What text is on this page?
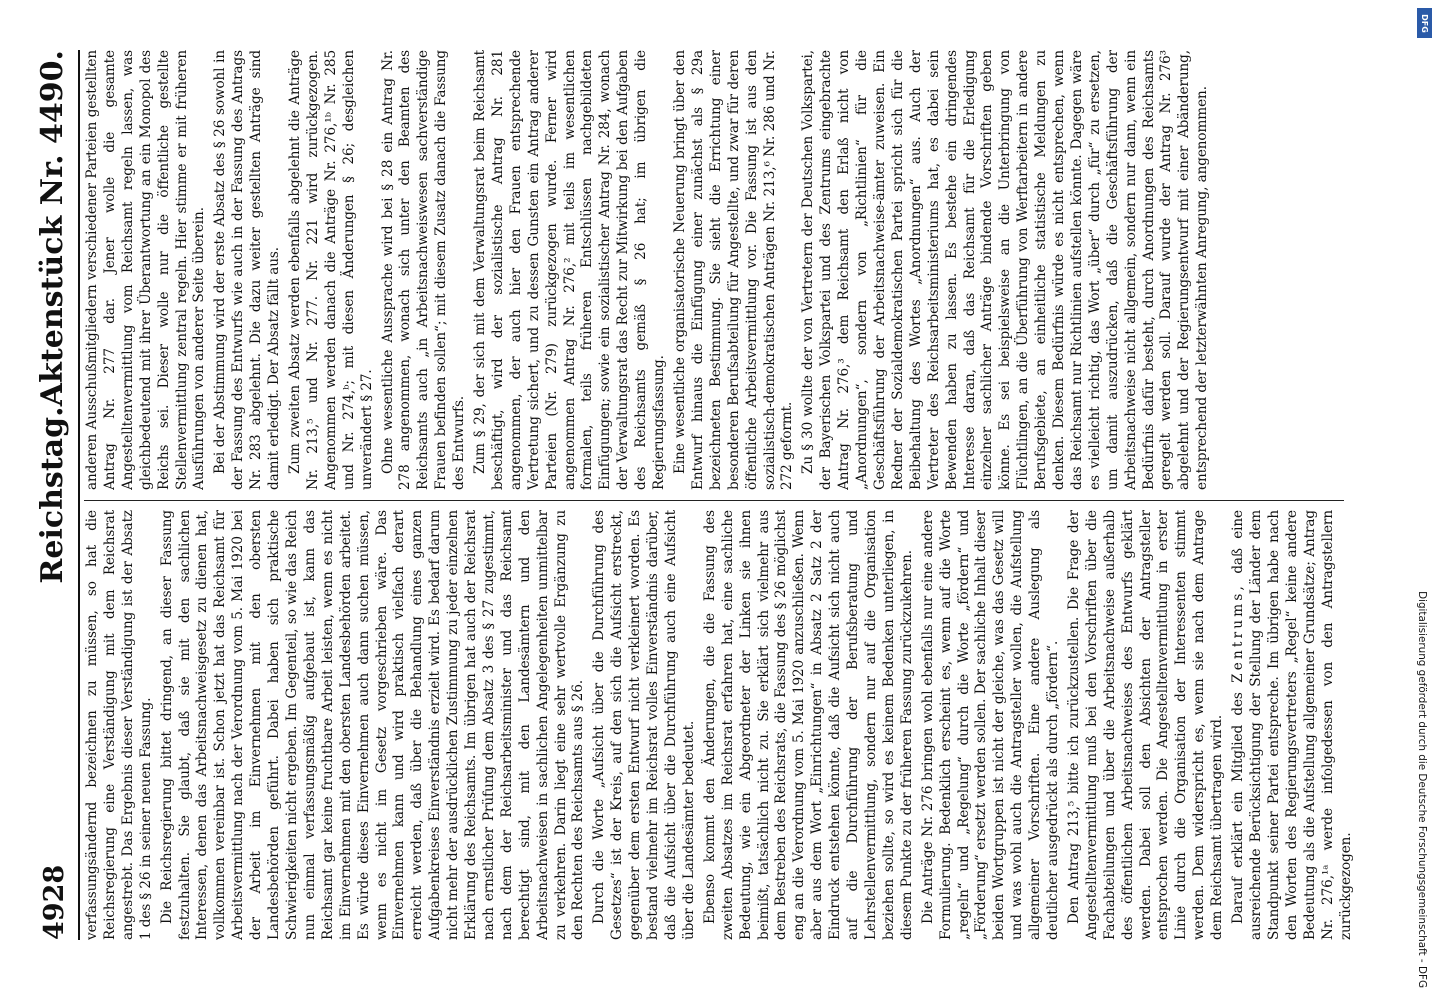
4928
Reichstag.
Aktenstück Nr. 4490.

verfassungsändernd bezeichnen zu müssen, so hat die Reichsregierung eine Verständigung mit dem Reichsrat angestrebt. Das Ergebnis dieser Verständigung ist der Absatz 1 des § 26 in seiner neuen Fassung. Die Reichsregierung bittet dringend, an dieser Fassung festzuhalten. Sie glaubt, daß sie mit den sachlichen Interessen, denen das Arbeitsnachweisgesetz zu dienen hat, vollkommen vereinbar ist. Schon jetzt hat das Reichsamt für Arbeitsvermittlung nach der Verordnung vom 5. Mai 1920 bei der Arbeit im Einvernehmen mit den obersten Landesbehörden geführt. Dabei haben sich praktische Schwierigkeiten nicht ergeben. Im Gegenteil, so wie das Reich nun einmal verfassungsmäßig aufgebaut ist, kann das Reichsamt gar keine fruchtbare Arbeit leisten, wenn es nicht im Einvernehmen mit den obersten Landesbehörden arbeitet. Es würde dieses Einvernehmen auch dann suchen müssen, wenn es nicht im Gesetz vorgeschrieben wäre. Das Einvernehmen kann und wird praktisch vielfach derart erreicht werden, daß über die Behandlung eines ganzen Aufgabenkreises Einverständnis erzielt wird. Es bedarf darum nicht mehr der ausdrücklichen Zustimmung zu jeder einzelnen Erklärung des Reichsamts. Im übrigen hat auch der Reichsrat nach ernstlicher Prüfung dem Absatz 3 des § 27 zugestimmt, nach dem der Reichsarbeitsminister und das Reichsamt berechtigt sind, mit den Landesämtern und den Arbeitsnachweisen in sachlichen Angelegenheiten unmittelbar zu verkehren. Darin liegt eine sehr wertvolle Ergänzung zu den Rechten des Reichsamts aus § 26. Durch die Worte „Aufsicht über die Durchführung des Gesetzes“ ist der Kreis, auf den sich die Aufsicht erstreckt, gegenüber dem ersten Entwurf nicht verkleinert worden. Es bestand vielmehr im Reichsrat volles Einverständnis darüber, daß die Aufsicht über die Durchführung auch eine Aufsicht über die Landesämter bedeutet. Ebenso kommt den Änderungen, die die Fassung des zweiten Absatzes im Reichsrat erfahren hat, eine sachliche Bedeutung, wie ein Abgeordneter der Linken sie ihnen beimißt, tatsächlich nicht zu. Sie erklärt sich vielmehr aus dem Bestreben des Reichsrats, die Fassung des § 26 möglichst eng an die Verordnung vom 5. Mai 1920 anzuschließen. Wenn aber aus dem Wort „Einrichtungen“ in Absatz 2 Satz 2 der Eindruck entstehen könnte, daß die Aufsicht sich nicht auch auf die Durchführung der Berufsberatung und Lehrstellenvermittlung, sondern nur auf die Organisation beziehen sollte, so wird es keinem Bedenken unterliegen, in diesem Punkte zu der früheren Fassung zurückzukehren. Die Anträge Nr. 276 bringen wohl ebenfalls nur eine andere Formulierung. Bedenklich erscheint es, wenn auf die Worte „regeln“ und „Regelung“ durch die Worte „fördern“ und „Förderung“ ersetzt werden sollen. Der sachliche Inhalt dieser beiden Wortgruppen ist nicht der gleiche, was das Gesetz will und was wohl auch die Antragsteller wollen, die Aufstellung allgemeiner Vorschriften. Eine andere Auslegung als deutlicher ausgedrückt als durch „fördern“. Den Antrag 213,⁵ bitte ich zurückzustellen. Die Frage der Angestelltenvermittlung muß bei den Vorschriften über die Fachabteilungen und über die Arbeitsnachweise außerhalb des öffentlichen Arbeitsnachweises des Entwurfs geklärt werden. Dabei soll den Absichten der Antragsteller entsprochen werden. Die Angestelltenvermittlung in erster Linie durch die Organisation der Interessenten stimmt werden. Dem widerspricht es, wenn sie nach dem Antrage dem Reichsamt übertragen wird. Darauf erklärt ein Mitglied des Zentrums, daß eine ausreichende Berücksichtigung der Stellung der Länder dem Standpunkt seiner Partei entspreche. Im übrigen habe nach den Worten des Regierungsvertreters „Regel“ keine andere Bedeutung als die Aufstellung allgemeiner Grundsätze; Antrag Nr. 276,¹ᵃ werde infolgedessen von den Antragstellern zurückgezogen.

anderen Ausschußmitgliedern verschiedener Parteien gestellten Antrag Nr. 277 dar. Jener wolle die gesamte Angestelltenvermittlung vom Reichsamt regeln lassen, was gleichbedeutend mit ihrer Überantwortung an ein Monopol des Reichs sei. Dieser wolle nur die öffentliche gestellte Stellenvermittlung zentral regeln. Hier stimme er mit früheren Ausführungen von anderer Seite überein. Bei der Abstimmung wird der erste Absatz des § 26 sowohl in der Fassung des Entwurfs wie auch in der Fassung des Antrags Nr. 283 abgelehnt. Die dazu weiter gestellten Anträge sind damit erledigt. Der Absatz fällt aus. Zum zweiten Absatz werden ebenfalls abgelehnt die Anträge Nr. 213,⁵ und Nr. 277. Nr. 221 wird zurückgezogen. Angenommen werden danach die Anträge Nr. 276,¹ᵇ Nr. 285 und Nr. 274,ᵇ; mit diesen Änderungen § 26; desgleichen unverändert § 27. Ohne wesentliche Aussprache wird bei § 28 ein Antrag Nr. 278 angenommen, wonach sich unter den Beamten des Reichsamts auch „in Arbeitsnachweiswesen sachverständige Frauen befinden sollen“; mit diesem Zusatz danach die Fassung des Entwurfs. Zum § 29, der sich mit dem Verwaltungsrat beim Reichsamt beschäftigt, wird der sozialistische Antrag Nr. 281 angenommen, der auch hier den Frauen entsprechende Vertretung sichert, und zu dessen Gunsten ein Antrag anderer Parteien (Nr. 279) zurückgezogen wurde. Ferner wird angenommen Antrag Nr. 276,² mit teils im wesentlichen formalen, teils früheren Entschlüssen nachgebildeten Einfügungen; sowie ein sozialistischer Antrag Nr. 284, wonach der Verwaltungsrat das Recht zur Mitwirkung bei den Aufgaben des Reichsamts gemäß § 26 hat; im übrigen die Regierungsfassung. Eine wesentliche organisatorische Neuerung bringt über den Entwurf hinaus die Einfügung einer zunächst als § 29a bezeichneten Bestimmung. Sie sieht die Errichtung einer besonderen Berufsabteilung für Angestellte, und zwar für deren öffentliche Arbeitsvermittlung vor. Die Fassung ist aus den sozialistisch-demokratischen Anträgen Nr. 213,⁶ Nr. 286 und Nr. 272 geformt. Zu § 30 wollte der von Vertretern der Deutschen Volkspartei, der Bayerischen Volkspartei und des Zentrums eingebrachte Antrag Nr. 276,³ dem Reichsamt den Erlaß nicht von „Anordnungen“, sondern von „Richtlinien“ für die Geschäftsführung der Arbeitsnachweise-ämter zuweisen. Ein Redner der Sozialdemokratischen Partei spricht sich für die Beibehaltung des Wortes „Anordnungen“ aus. Auch der Vertreter des Reichsarbeitsministeriums hat, es dabei sein Bewenden haben zu lassen. Es bestehe ein dringendes Interesse daran, daß das Reichsamt für die Erledigung einzelner sachlicher Anträge bindende Vorschriften geben könne. Es sei beispielsweise an die Unterbringung von Flüchtlingen, an die Überführung von Werftarbeitern in andere Berufsgebiete, an einheitliche statistische Meldungen zu denken. Diesem Bedürfnis würde es nicht entsprechen, wenn das Reichsamt nur Richtlinien aufstellen könnte. Dagegen wäre es vielleicht richtig, das Wort „über“ durch „für“ zu ersetzen, um damit auszudrücken, daß die Geschäftsführung der Arbeitsnachweise nicht allgemein, sondern nur dann, wenn ein Bedürfnis dafür besteht, durch Anordnungen des Reichsamts geregelt werden soll. Darauf wurde der Antrag Nr. 276³ abgelehnt und der Regierungsentwurf mit einer Abänderung, entsprechend der letzterwähnten Anregung, angenommen.

Digitalisierung gefördert durch die Deutsche Forschungsgemeinschaft - DFG
DFG
